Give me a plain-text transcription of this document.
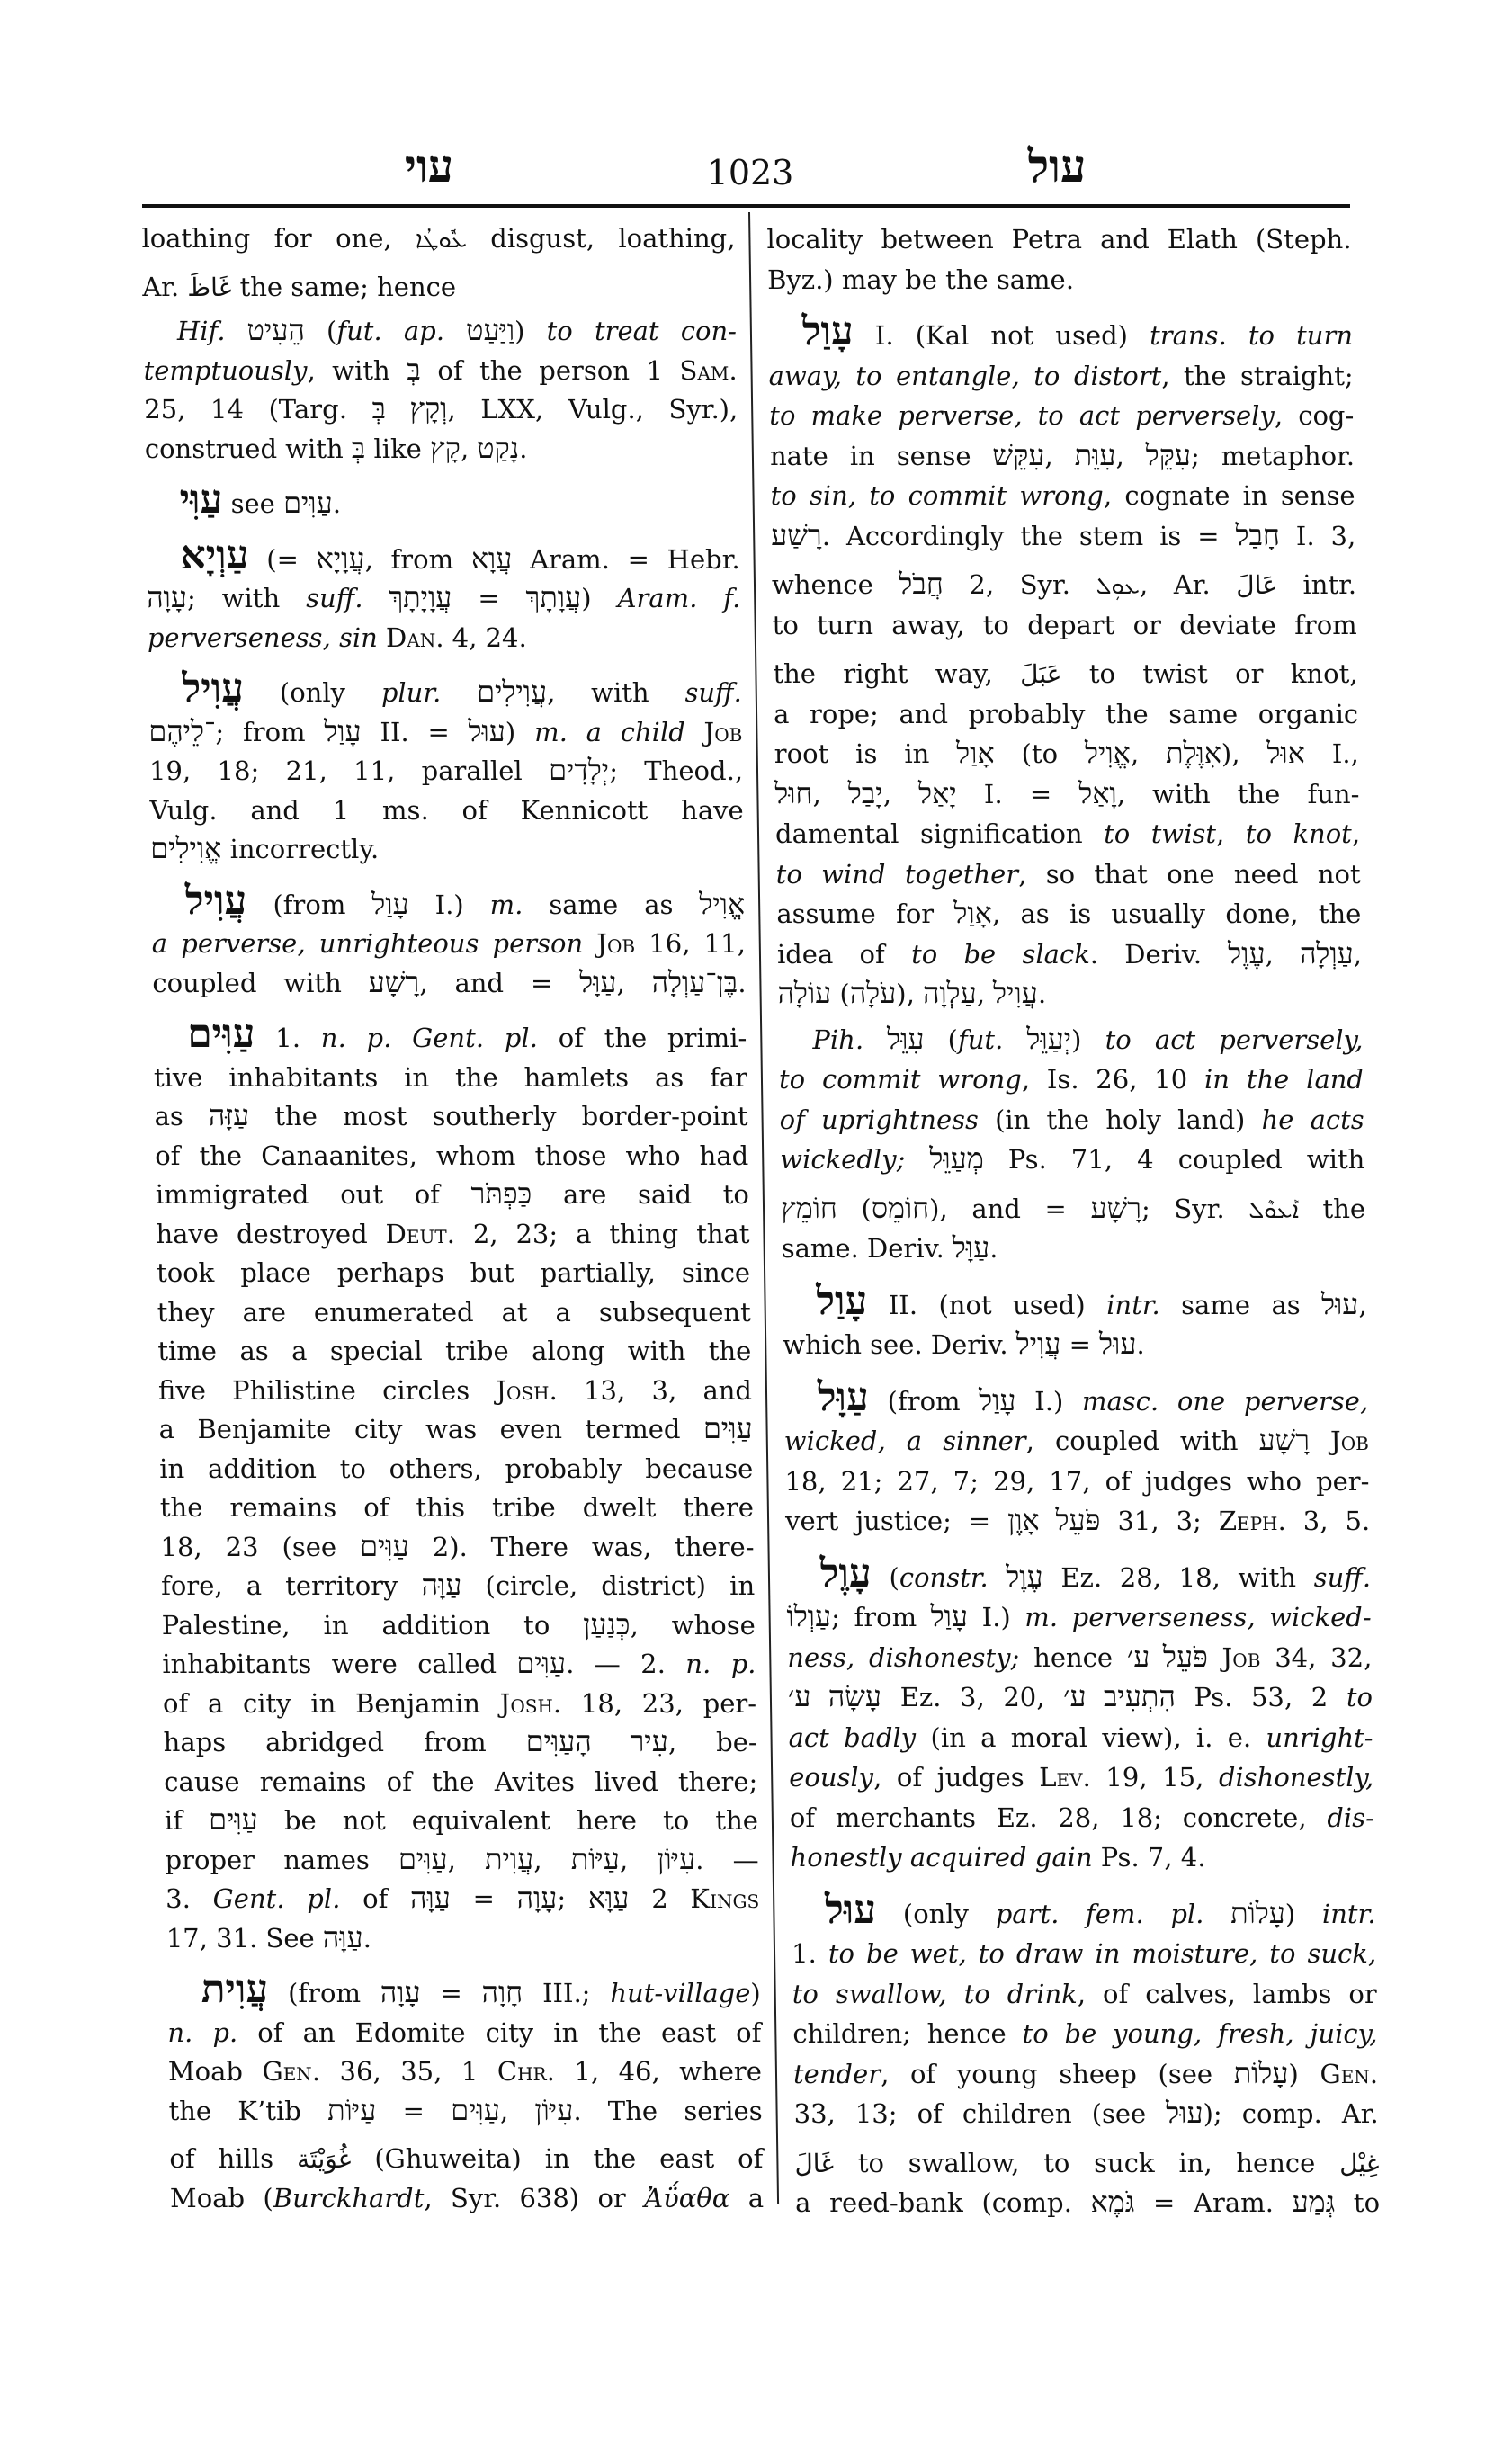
עוי	1023	עול
loathing for one, ܥܽܘܛܳܐ disgust, loathing,
Ar. غَاظَ the same; hence
Hif. הֵעִיט (fut. ap. וַיַּעַט) to treat con-
temptuously, with בְּ of the person 1 Sam.
25, 14 (Targ. וְקָץ בְּ, LXX, Vulg., Syr.),
construed with בְּ like קָץ, נָקַט.
עַוִּי see עַוִּים.
עַוְיָא (= עֲוָיָא, from עֲוָא Aram. = Hebr.
עָוָה; with suff. עֲוָיָתָךְ = עֲוָתָךְ) Aram. f.
perverseness, sin Dan. 4, 24.
עֲוִיל (only plur. עֲוִילִים, with suff.
־לֵיהֶם; from עָוַל II. = עוּל) m. a child Job
19, 18; 21, 11, parallel יְלָדִים; Theod.,
Vulg. and 1 ms. of Kennicott have
אֱוִילִים incorrectly.
עֲוִיל (from עָוַל I.) m. same as אֱוִיל
a perverse, unrighteous person Job 16, 11,
coupled with רָשָׁע, and = עַוָּל, בֶּן־עַוְלָה.
עַוִּים 1. n. p. Gent. pl. of the primi-
tive inhabitants in the hamlets as far
as עַזָּה the most southerly border-point
of the Canaanites, whom those who had
immigrated out of כַּפְתֹּר are said to
have destroyed Deut. 2, 23; a thing that
took place perhaps but partially, since
they are enumerated at a subsequent
time as a special tribe along with the
five Philistine circles Josh. 13, 3, and
a Benjamite city was even termed עַוִּים
in addition to others, probably because
the remains of this tribe dwelt there
18, 23 (see עַוִּים 2). There was, there-
fore, a territory עַוָּה (circle, district) in
Palestine, in addition to כְּנַעַן, whose
inhabitants were called עַוִּים. — 2. n. p.
of a city in Benjamin Josh. 18, 23, per-
haps abridged from עִיר הָעַוִּים, be-
cause remains of the Avites lived there;
if עַוִּים be not equivalent here to the
proper names עַוִּים, עֲוִית, עַיּוֹת, עִיּוֹן. —
3. Gent. pl. of עַוָּה = עָוָה; עַוָּא 2 Kings
17, 31. See עַוָּה.
עֲוִית (from עָוָה = חָוָה III.; hut-village)
n. p. of an Edomite city in the east of
Moab Gen. 36, 35, 1 Chr. 1, 46, where
the K’tib עַיּוֹת = עַוִּים, עִיּוֹן. The series
of hills غُوَيْتَة (Ghuweita) in the east of
Moab (Burckhardt, Syr. 638) or Ἀΰαθα a
locality between Petra and Elath (Steph.
Byz.) may be the same.
עָוַל I. (Kal not used) trans. to turn
away, to entangle, to distort, the straight;
to make perverse, to act perversely, cog-
nate in sense עִקֵּשׁ, עִוֵּת, עִקֵּל; metaphor.
to sin, to commit wrong, cognate in sense
רָשַׁע. Accordingly the stem is = חָבַל I. 3,
whence חֲבֹל 2, Syr. ܥܘܼܠ, Ar. عَالَ intr.
to turn away, to depart or deviate from
the right way, عَبَلَ to twist or knot,
a rope; and probably the same organic
root is in אָוַל (to אֱוִיל, אִוֶּלֶת), אוּל I.,
חוּל, יָבַל, יָאַל I. = וָאַל, with the fun-
damental signification to twist, to knot,
to wind together, so that one need not
assume for אָוַל, as is usually done, the
idea of to be slack. Deriv. עֶוֶל, עַוְלָה,
עוֹלָה (עֹלָה), עַלְוָה, עֲוִיל.
Pih. עִוֵּל (fut. יְעַוֵּל) to act perversely,
to commit wrong, Is. 26, 10 in the land
of uprightness (in the holy land) he acts
wickedly; מְעַוֵּל Ps. 71, 4 coupled with
חוֹמֵץ (חוֹמֵס), and = רָשָׁע; Syr. ܐܰܥܘܶܠ the
same. Deriv. עַוָּל.
עָוַל II. (not used) intr. same as עוּל,
which see. Deriv. עֲוִיל = עוּל.
עַוָּל (from עָוַל I.) masc. one perverse,
wicked, a sinner, coupled with רָשָׁע Job
18, 21; 27, 7; 29, 17, of judges who per-
vert justice; = פֹּעֵל אָוֶן 31, 3; Zeph. 3, 5.
עָוֶל (constr. עֶוֶל Ez. 28, 18, with suff.
עַוְלוֹ; from עָוַל I.) m. perverseness, wicked-
ness, dishonesty; hence פֹּעֵל ע׳ Job 34, 32,
עָשָׂה ע׳ Ez. 3, 20, הִתְעִיב ע׳ Ps. 53, 2 to
act badly (in a moral view), i. e. unright-
eously, of judges Lev. 19, 15, dishonestly,
of merchants Ez. 28, 18; concrete, dis-
honestly acquired gain Ps. 7, 4.
עוּל (only part. fem. pl. עָלוֹת) intr.
1. to be wet, to draw in moisture, to suck,
to swallow, to drink, of calves, lambs or
children; hence to be young, fresh, juicy,
tender, of young sheep (see עָלוֹת) Gen.
33, 13; of children (see עוּל); comp. Ar.
غَالَ to swallow, to suck in, hence غِيْل
a reed-bank (comp. גֹּמֶא = Aram. גְּמַע to
